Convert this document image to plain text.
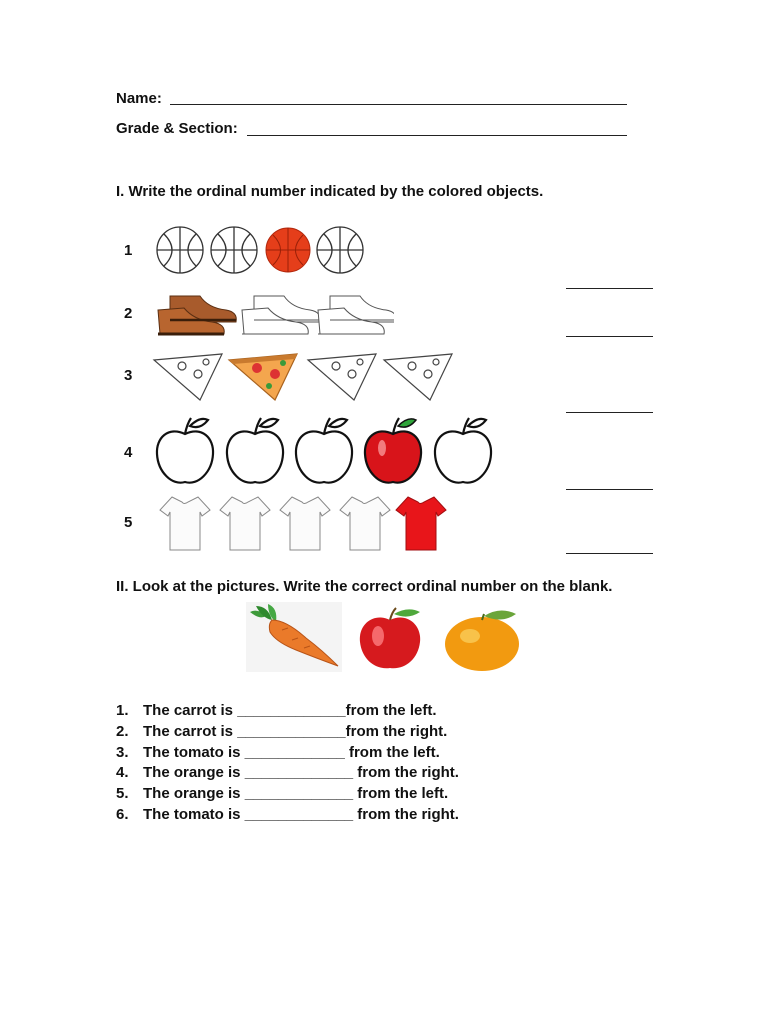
Name:
Grade & Section:
I. Write the ordinal number indicated by the colored objects.
1
2
3
4
5
II. Look at the pictures. Write the correct ordinal number on the blank.
1. The carrot is _____________from the left.
2. The carrot is _____________from the right.
3. The tomato is ____________ from the left.
4. The orange is _____________ from the right.
5. The orange is _____________ from the left.
6. The tomato is _____________ from the right.
